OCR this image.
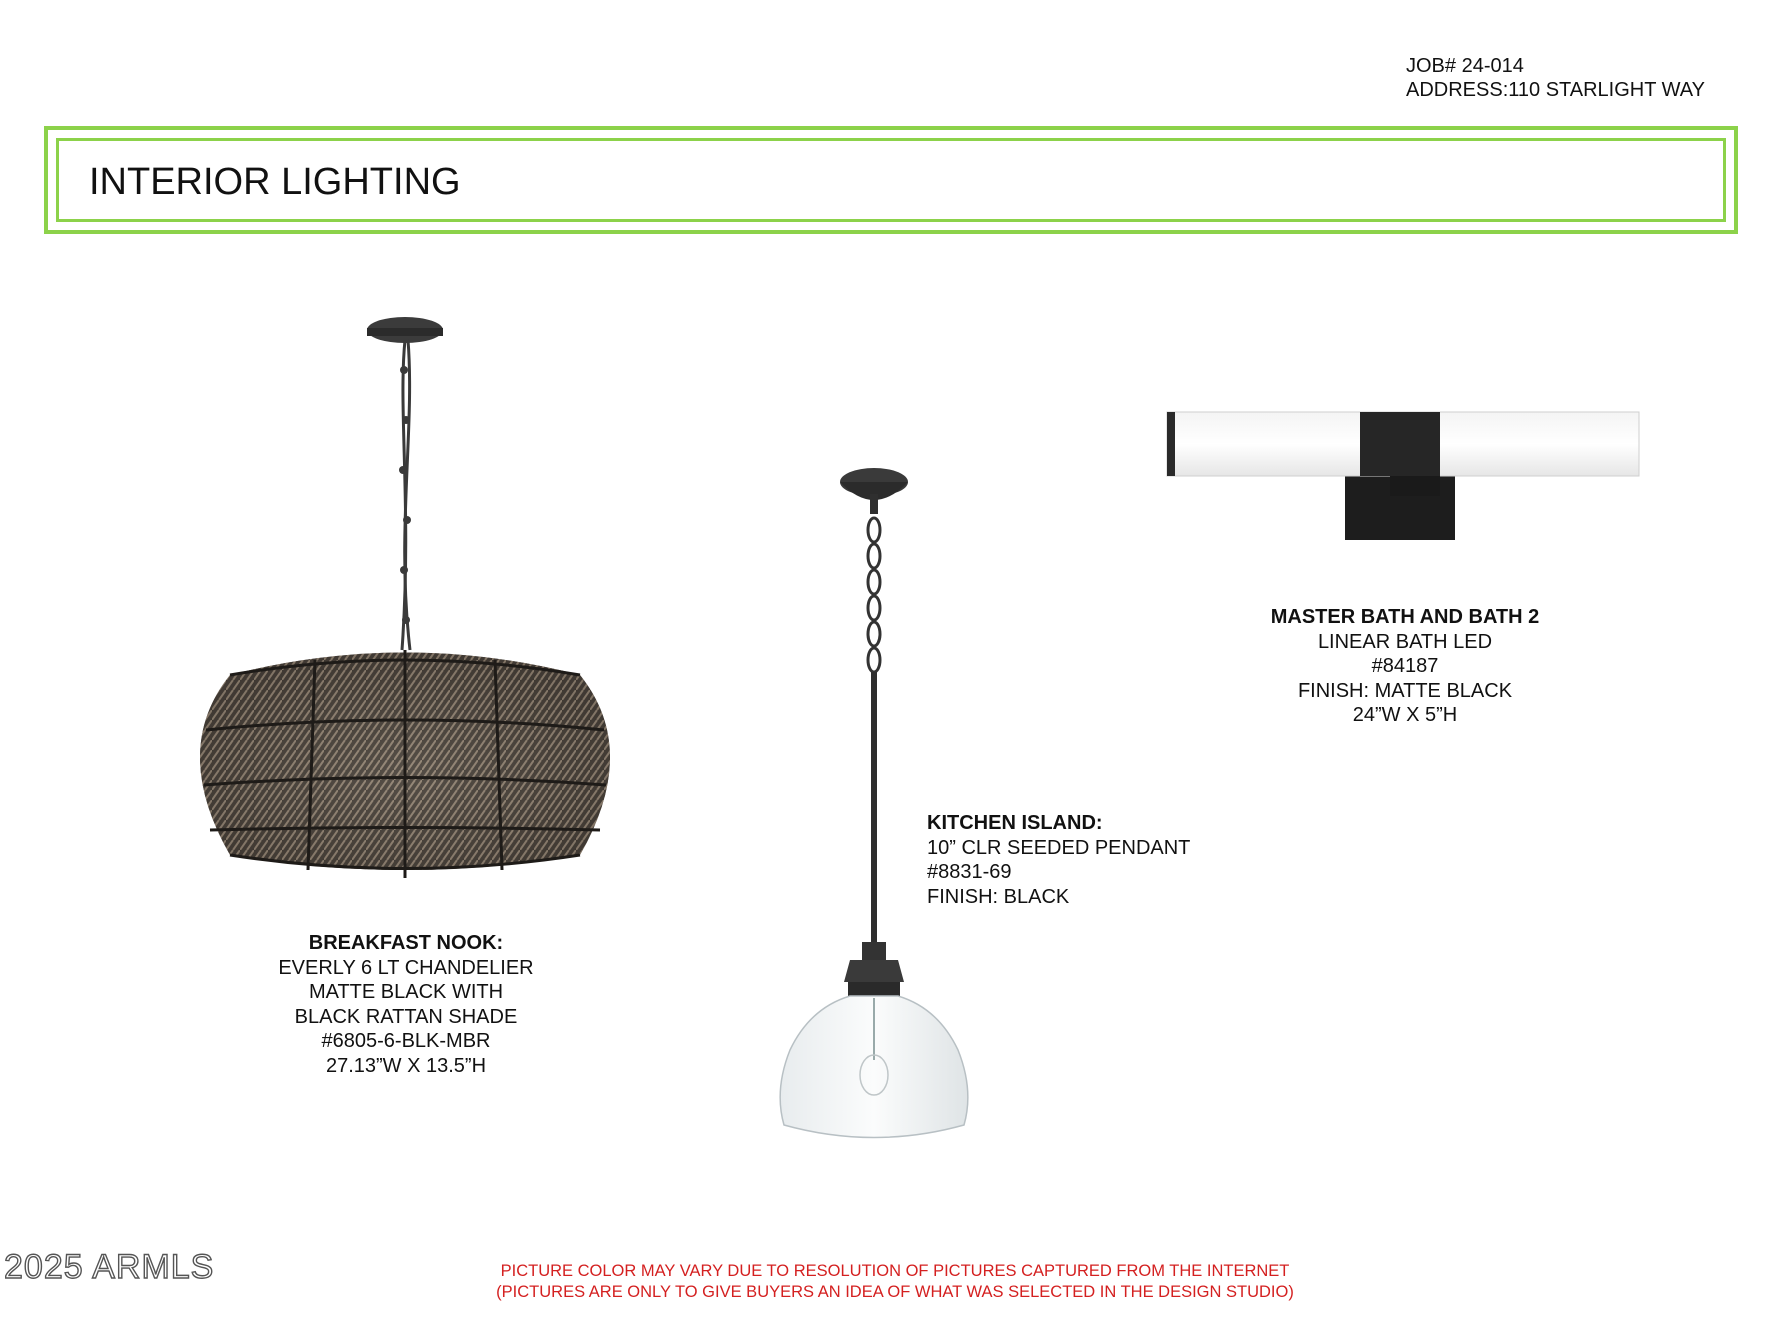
JOB# 24-014
ADDRESS:110 STARLIGHT WAY
INTERIOR LIGHTING
BREAKFAST NOOK:
EVERLY 6 LT CHANDELIER
MATTE BLACK WITH
BLACK RATTAN SHADE
#6805-6-BLK-MBR
27.13”W X 13.5”H
KITCHEN ISLAND:
10” CLR SEEDED PENDANT
#8831-69
FINISH: BLACK
MASTER BATH AND BATH 2
LINEAR BATH LED
#84187
FINISH: MATTE BLACK
24”W X 5”H
2025 ARMLS	PICTURE COLOR MAY VARY DUE TO RESOLUTION OF PICTURES CAPTURED FROM THE INTERNET
(PICTURES ARE ONLY TO GIVE BUYERS AN IDEA OF WHAT WAS SELECTED IN THE DESIGN STUDIO)
